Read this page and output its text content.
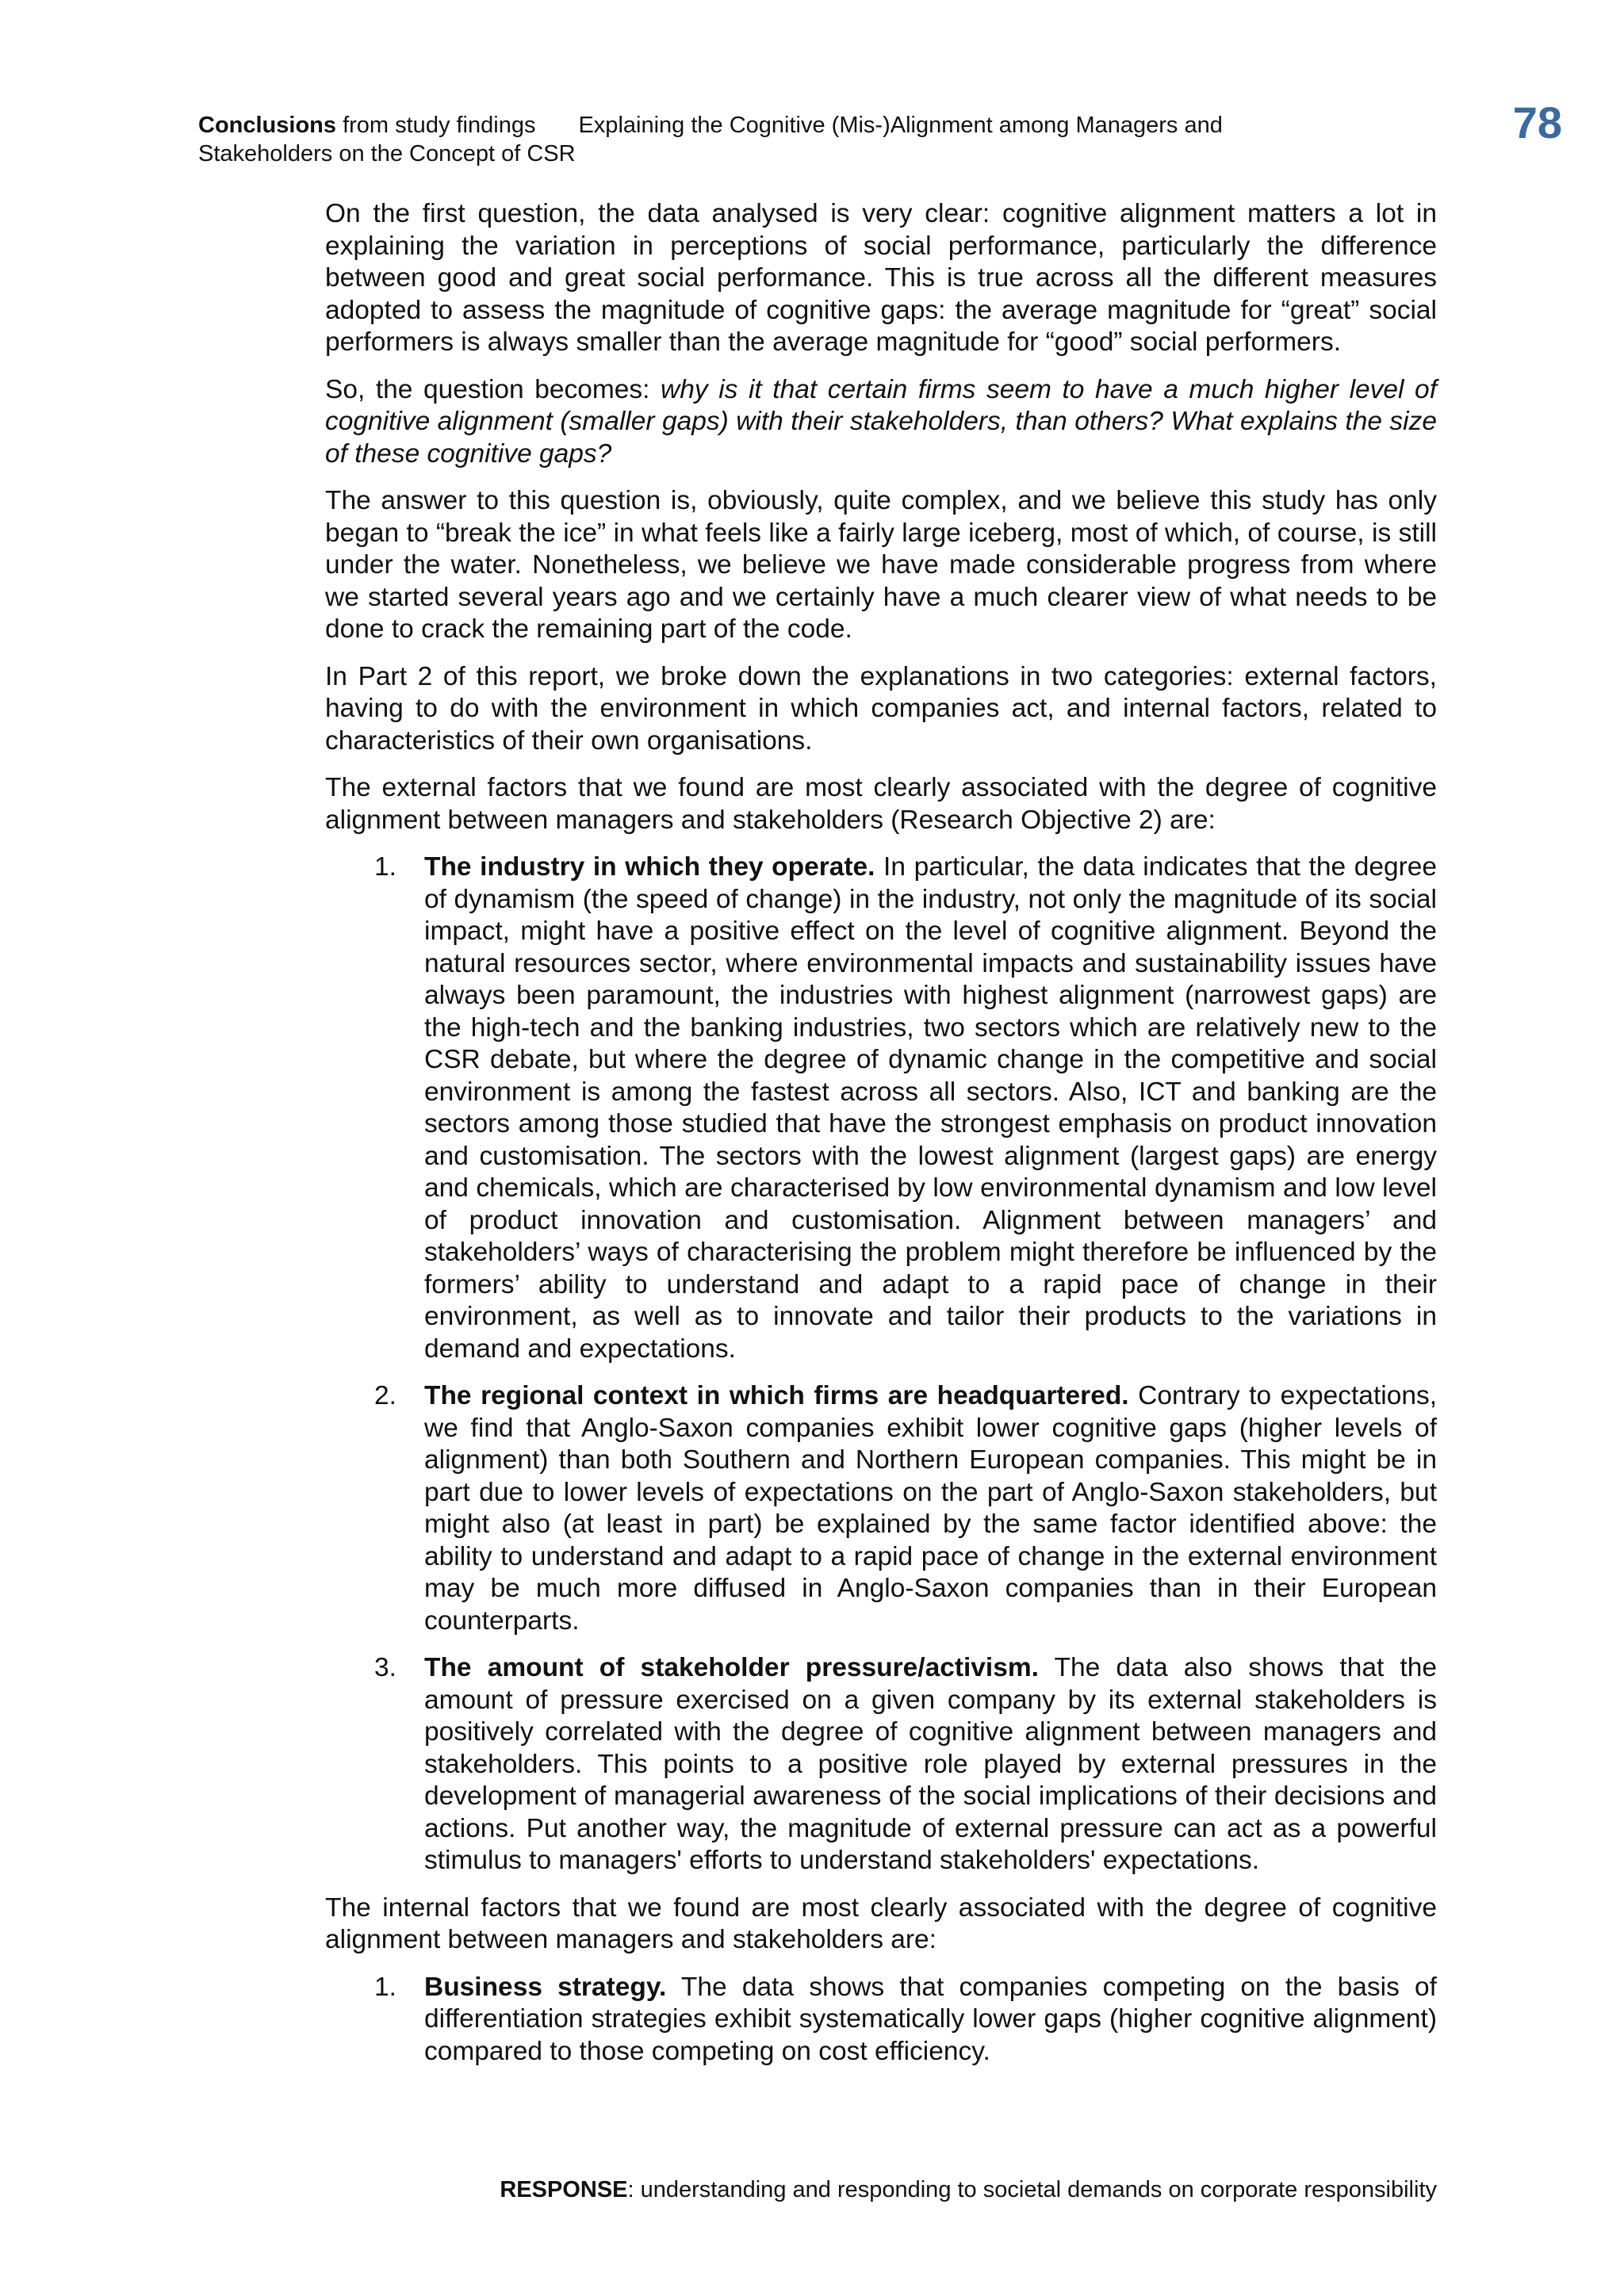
Conclusions from study findings Explaining the Cognitive (Mis-)Alignment among Managers and
Stakeholders on the Concept of CSR
78

On the first question, the data analysed is very clear: cognitive alignment matters a lot in explaining the variation in perceptions of social performance, particularly the difference between good and great social performance. This is true across all the different measures adopted to assess the magnitude of cognitive gaps: the average magnitude for “great” social performers is always smaller than the average magnitude for “good” social performers.

So, the question becomes: why is it that certain firms seem to have a much higher level of cognitive alignment (smaller gaps) with their stakeholders, than others? What explains the size of these cognitive gaps?

The answer to this question is, obviously, quite complex, and we believe this study has only began to “break the ice” in what feels like a fairly large iceberg, most of which, of course, is still under the water. Nonetheless, we believe we have made considerable progress from where we started several years ago and we certainly have a much clearer view of what needs to be done to crack the remaining part of the code.

In Part 2 of this report, we broke down the explanations in two categories: external factors, having to do with the environment in which companies act, and internal factors, related to characteristics of their own organisations.

The external factors that we found are most clearly associated with the degree of cognitive alignment between managers and stakeholders (Research Objective 2) are:

1. The industry in which they operate. In particular, the data indicates that the degree of dynamism (the speed of change) in the industry, not only the magnitude of its social impact, might have a positive effect on the level of cognitive alignment. Beyond the natural resources sector, where environmental impacts and sustainability issues have always been paramount, the industries with highest alignment (narrowest gaps) are the high-tech and the banking industries, two sectors which are relatively new to the CSR debate, but where the degree of dynamic change in the competitive and social environment is among the fastest across all sectors. Also, ICT and banking are the sectors among those studied that have the strongest emphasis on product innovation and customisation. The sectors with the lowest alignment (largest gaps) are energy and chemicals, which are characterised by low environmental dynamism and low level of product innovation and customisation. Alignment between managers’ and stakeholders’ ways of characterising the problem might therefore be influenced by the formers’ ability to understand and adapt to a rapid pace of change in their environment, as well as to innovate and tailor their products to the variations in demand and expectations.
2. The regional context in which firms are headquartered. Contrary to expectations, we find that Anglo-Saxon companies exhibit lower cognitive gaps (higher levels of alignment) than both Southern and Northern European companies. This might be in part due to lower levels of expectations on the part of Anglo-Saxon stakeholders, but might also (at least in part) be explained by the same factor identified above: the ability to understand and adapt to a rapid pace of change in the external environment may be much more diffused in Anglo-Saxon companies than in their European counterparts.
3. The amount of stakeholder pressure/activism. The data also shows that the amount of pressure exercised on a given company by its external stakeholders is positively correlated with the degree of cognitive alignment between managers and stakeholders. This points to a positive role played by external pressures in the development of managerial awareness of the social implications of their decisions and actions. Put another way, the magnitude of external pressure can act as a powerful stimulus to managers' efforts to understand stakeholders' expectations.

The internal factors that we found are most clearly associated with the degree of cognitive alignment between managers and stakeholders are:

1. Business strategy. The data shows that companies competing on the basis of differentiation strategies exhibit systematically lower gaps (higher cognitive alignment) compared to those competing on cost efficiency.
RESPONSE: understanding and responding to societal demands on corporate responsibility
